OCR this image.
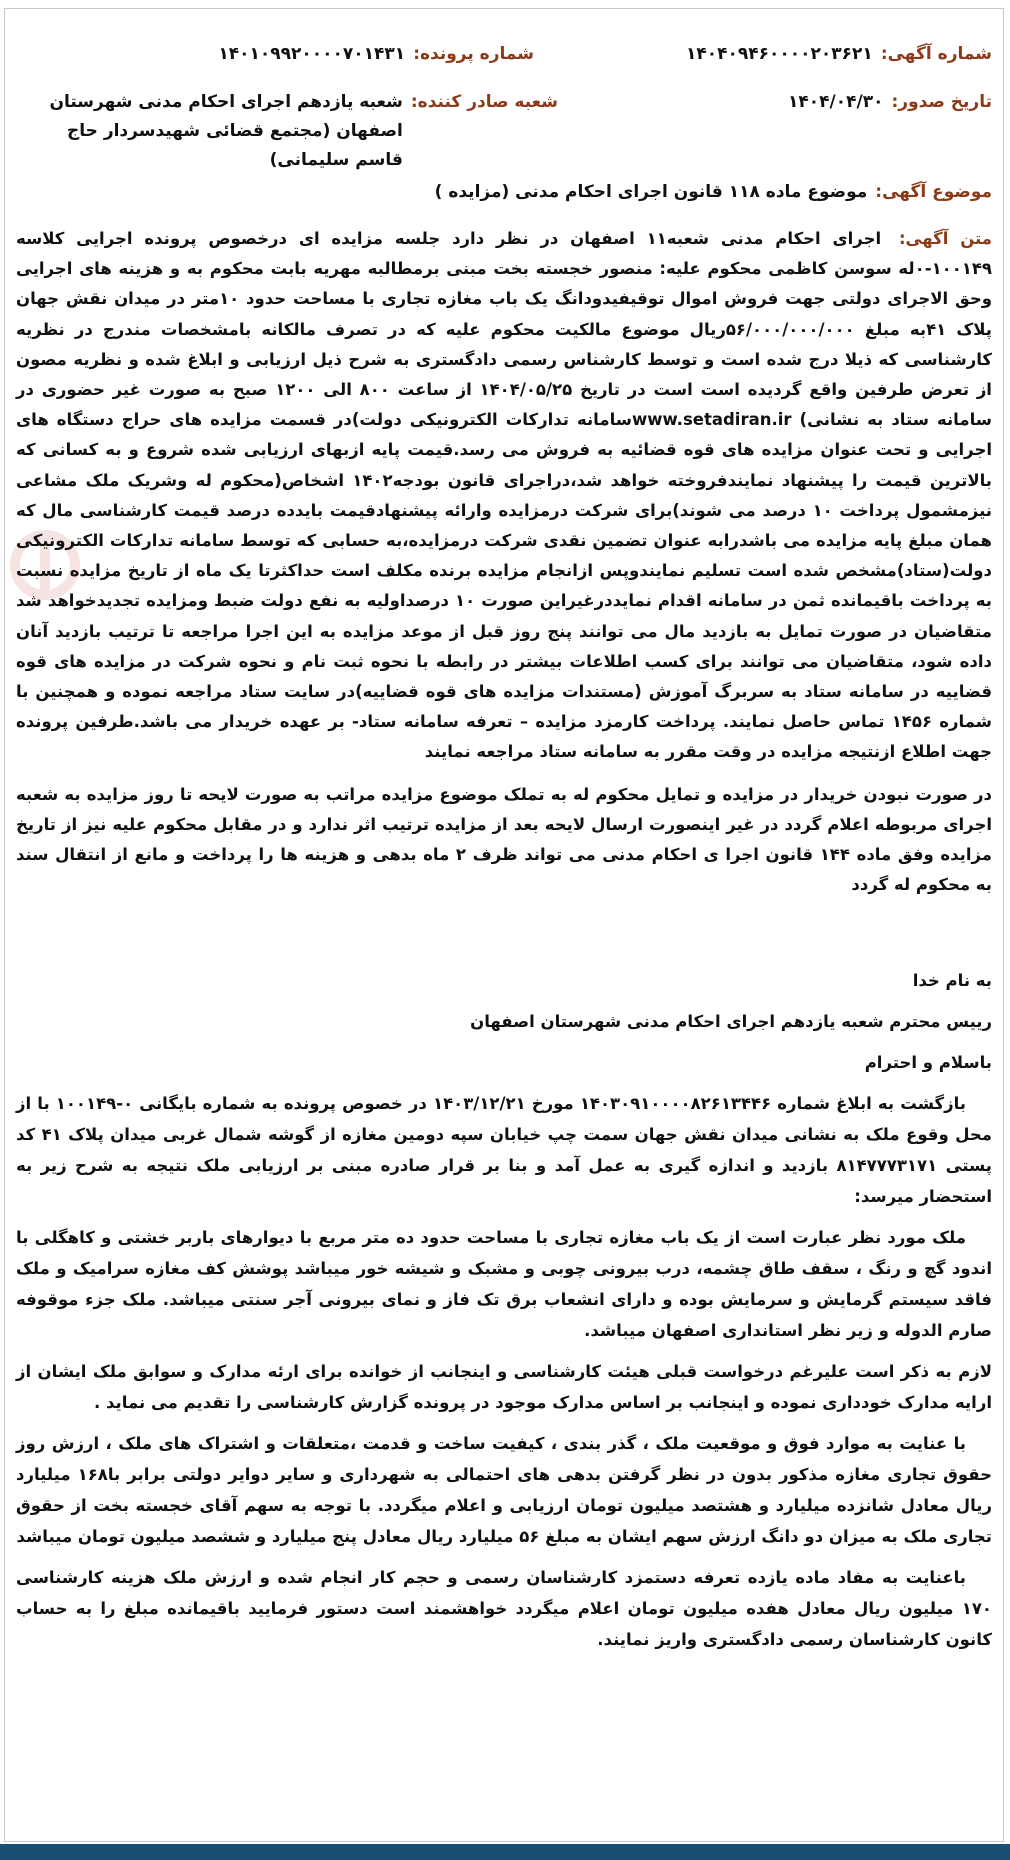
شماره آگهی:
۱۴۰۴۰۹۴۶۰۰۰۰۲۰۳۶۲۱
شماره پرونده:
۱۴۰۱۰۹۹۲۰۰۰۰۷۰۱۴۳۱
تاریخ صدور:
۱۴۰۴/۰۴/۳۰
شعبه صادر کننده:
شعبه یازدهم اجرای احکام مدنی شهرستان اصفهان (مجتمع قضائی شهیدسردار حاج قاسم سلیمانی)
موضوع آگهی:
موضوع ماده ۱۱۸ قانون اجرای احکام مدنی (مزایده )

متن آگهی: اجرای احکام مدنی شعبه۱۱ اصفهان در نظر دارد جلسه مزایده ای درخصوص پرونده اجرایی کلاسه ۱۰۰۱۴۹-۰له سوسن کاظمی محکوم علیه: منصور خجسته بخت مبنی برمطالبه مهریه بابت محکوم به و هزینه های اجرایی وحق الاجرای دولتی جهت فروش اموال توقیفیدودانگ یک باب مغازه تجاری با مساحت حدود ۱۰متر در میدان نقش جهان پلاک ۴۱به مبلغ ۵۶/۰۰۰/۰۰۰/۰۰۰ریال موضوع مالکیت محکوم علیه که در تصرف مالکانه بامشخصات مندرج در نظریه کارشناسی که ذیلا درج شده است و توسط کارشناس رسمی دادگستری به شرح ذیل ارزیابی و ابلاغ شده و نظریه مصون از تعرض طرفین واقع گردیده است است در تاریخ ۱۴۰۴/۰۵/۲۵ از ساعت ۸۰۰ الی ۱۲۰۰ صبح به صورت غیر حضوری در سامانه ستاد به نشانی) www.setadiran.irسامانه تدارکات الکترونیکی دولت)در قسمت مزایده های حراج دستگاه های اجرایی و تحت عنوان مزایده های قوه قضائیه به فروش می رسد.قیمت پایه ازبهای ارزیابی شده شروع و به کسانی که بالاترین قیمت را پیشنهاد نمایندفروخته خواهد شد،دراجرای قانون بودجه۱۴۰۲ اشخاص(محکوم له وشریک ملک مشاعی نیزمشمول پرداخت ۱۰ درصد می شوند)برای شرکت درمزایده وارائه پیشنهادقیمت بایدده درصد قیمت کارشناسی مال که همان مبلغ پایه مزایده می باشدرابه عنوان تضمین نقدی شرکت درمزایده،به حسابی که توسط سامانه تدارکات الکترونیکی دولت(ستاد)مشخص شده است تسلیم نمایندوپس ازانجام مزایده برنده مکلف است حداکثرتا یک ماه از تاریخ مزایده نسبت به پرداخت باقیمانده ثمن در سامانه اقدام نمایددرغیراین صورت ۱۰ درصداولیه به نفع دولت ضبط ومزایده تجدیدخواهد شد متقاضیان در صورت تمایل به بازدید مال می توانند پنج روز قبل از موعد مزایده به این اجرا مراجعه تا ترتیب بازدید آنان داده شود، متقاضیان می توانند برای کسب اطلاعات بیشتر در رابطه با نحوه ثبت نام و نحوه شرکت در مزایده های قوه قضاییه در سامانه ستاد به سربرگ آموزش (مستندات مزایده های قوه قضاییه)در سایت ستاد مراجعه نموده و همچنین با شماره ۱۴۵۶ تماس حاصل نمایند. پرداخت کارمزد مزایده – تعرفه سامانه ستاد- بر عهده خریدار می باشد.طرفین پرونده جهت اطلاع ازنتیجه مزایده در وقت مقرر به سامانه ستاد مراجعه نمایند

در صورت نبودن خریدار در مزایده و تمایل محکوم له به تملک موضوع مزایده مراتب به صورت لایحه تا روز مزایده به شعبه اجرای مربوطه اعلام گردد در غیر اینصورت ارسال لایحه بعد از مزایده ترتیب اثر ندارد و در مقابل محکوم علیه نیز از تاریخ مزایده وفق ماده ۱۴۴ قانون اجرا ی احکام مدنی می تواند ظرف ۲ ماه بدهی و هزینه ها را پرداخت و مانع از انتقال سند به محکوم له گردد

به نام خدا

رییس محترم شعبه یازدهم اجرای احکام مدنی شهرستان اصفهان

باسلام و احترام

بازگشت به ابلاغ شماره ۱۴۰۳۰۹۱۰۰۰۰۸۲۶۱۳۴۴۶ مورخ ۱۴۰۳/۱۲/۲۱ در خصوص پرونده به شماره بایگانی ۰-۱۰۰۱۴۹ با از محل وقوع ملک به نشانی میدان نقش جهان سمت چپ خیابان سپه دومین مغازه از گوشه شمال غربی میدان پلاک ۴۱ کد پستی ۸۱۴۷۷۷۳۱۷۱ بازدید و اندازه گیری به عمل آمد و بنا بر قرار صادره مبنی بر ارزیابی ملک نتیجه به شرح زیر به استحضار میرسد:

ملک مورد نظر عبارت است از یک باب مغازه تجاری با مساحت حدود ده متر مربع با دیوارهای باربر خشتی و کاهگلی با اندود گچ و رنگ ، سقف طاق چشمه، درب بیرونی چوبی و مشبک و شیشه خور میباشد پوشش کف مغازه سرامیک و ملک فاقد سیستم گرمایش و سرمایش بوده و دارای انشعاب برق تک فاز و نمای بیرونی آجر سنتی میباشد. ملک جزء موقوفه صارم الدوله و زیر نظر استانداری اصفهان میباشد.

لازم به ذکر است علیرغم درخواست قبلی هیئت کارشناسی و اینجانب از خوانده برای ارئه مدارک و سوابق ملک ایشان از ارایه مدارک خودداری نموده و اینجانب بر اساس مدارک موجود در پرونده گزارش کارشناسی را تقدیم می نماید .

با عنایت به موارد فوق و موقعیت ملک ، گذر بندی ، کیفیت ساخت و قدمت ،متعلقات و اشتراک های ملک ، ارزش روز حقوق تجاری مغازه مذکور بدون در نظر گرفتن بدهی های احتمالی به شهرداری و سایر دوایر دولتی برابر با۱۶۸ میلیارد ریال معادل شانزده میلیارد و هشتصد میلیون تومان ارزیابی و اعلام میگردد. با توجه به سهم آقای خجسته بخت از حقوق تجاری ملک به میزان دو دانگ ارزش سهم ایشان به مبلغ ۵۶ میلیارد ریال معادل پنج میلیارد و ششصد میلیون تومان میباشد

باعنایت به مفاد ماده یازده تعرفه دستمزد کارشناسان رسمی و حجم کار انجام شده و ارزش ملک هزینه کارشناسی ۱۷۰ میلیون ریال معادل هفده میلیون تومان اعلام میگردد خواهشمند است دستور فرمایید باقیمانده مبلغ را به حساب کانون کارشناسان رسمی دادگستری واریز نمایند.
